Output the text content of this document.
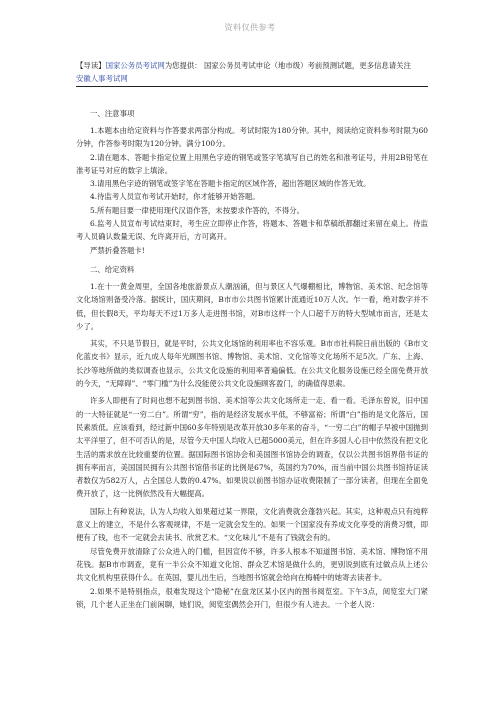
资料仅供参考

【导读】国家公务员考试网为您提供： 国家公务员考试申论（地市级）考前预测试题，更多信息请关注
安徽人事考试网

一、注意事项

1.本题本由给定资料与作答要求两部分构成。考试时限为180分钟。其中，阅读给定资料参考时限为60分钟，作答参考时限为120分钟。满分100分。

2.请在题本、答题卡指定位置上用黑色字迹的钢笔或签字笔填写自己的姓名和准考证号，并用2B铅笔在准考证号对应的数字上填涂。

3.请用黑色字迹的钢笔或签字笔在答题卡指定的区域作答，超出答题区域的作答无效。

4.待监考人员宣布考试开始时，你才能够开始答题。

5.所有题目要一律使用现代汉语作答，未按要求作答的，不得分。

6.监考人员宣布考试结束时，考生应立即停止作答，将题本、答题卡和草稿纸都翻过来留在桌上。待监考人员确认数量无误、允许离开后，方可离开。

严禁折叠答题卡!

二、给定资料

1.在十一黄金周里，全国各地旅游景点人潮汹涌，但与景区人气爆棚相比，博物馆、美术馆、纪念馆等文化场馆则备受冷落。据统计，国庆期间，B市市公共图书馆累计流通近10万人次。乍一看，绝对数字并不低，但长假8天，平均每天不过1万多人走进图书馆，对B市这样一个人口超千万的特大型城市而言，还是太少了。

其实，不只是节假日，就是平时，公共文化场馆的利用率也不容乐观。B市市社科院日前出版的《B市文化蓝皮书》显示，近九成人每年光顾图书馆、博物馆、美术馆、文化馆等文化场所不足5次。广东、上海、长沙等地所做的类似调查也显示，公共文化设施的利用率普遍偏低。在公共文化服务设施已经全面免费开放的今天，“无障碍”、“零门槛”为什么没能使公共文化设施顾客盈门，的确值得思索。

许多人即便有了时间也想不起到图书馆、美术馆等公共文化场所走一走、看一看。毛泽东曾说，旧中国的一大特征就是“一穷二白”。所谓“穷”，指的是经济发展水平低，不够富裕；所谓“白”指的是文化落后，国民素质低。应该看到，经过新中国60多年特别是改革开放30多年来的奋斗，“一穷二白”的帽子早被中国抛到太平洋里了，但不可否认的是，尽管今天中国人均收入已超5000美元，但在许多国人心目中依然没有把文化生活的需求放在比较重要的位置。据国际图书馆协会和美国图书馆协会的调查，仅以公共图书馆界借书证的拥有率而言，美国国民拥有公共图书馆借书证的比例是67%，英国约为70%，而当前中国公共图书馆持证读者数仅为582万人，占全国总人数的0.47%。如果说以前图书馆办证收费限制了一部分读者，但现在全面免费开放了，这一比例依然没有大幅提高。

国际上有种说法，认为人均收入如果超过某一界限，文化消费就会蓬勃兴起。其实，这种观点只有纯粹意义上的建立，不是什么客观规律，不是一定就会发生的。如果一个国家没有养成文化享受的消费习惯，即便有了钱，也不一定就会去读书、欣赏艺术。“文化味儿”不是有了钱就会有的。

尽管免费开放清除了公众进入的门槛，但因宣传不够，许多人根本不知道图书馆、美术馆、博物馆不用花钱。据B市市调查，竟有一半公众不知道文化馆、群众艺术馆是做什么的，更别说到底有过做点从上述公共文化机构里获得什么。在英国，婴儿出生后，当地图书馆就会给向在梅桶中的她寄去读者卡。

2.如果不是特别指点，很难发现这个“隐秘”在盘龙区某小区内的图书阅览室。下午3点，阅览室大门紧锁，几个老人正坐在门前闲聊，她们说，阅览室偶然会开门，但很少有人进去。一个老人说：
